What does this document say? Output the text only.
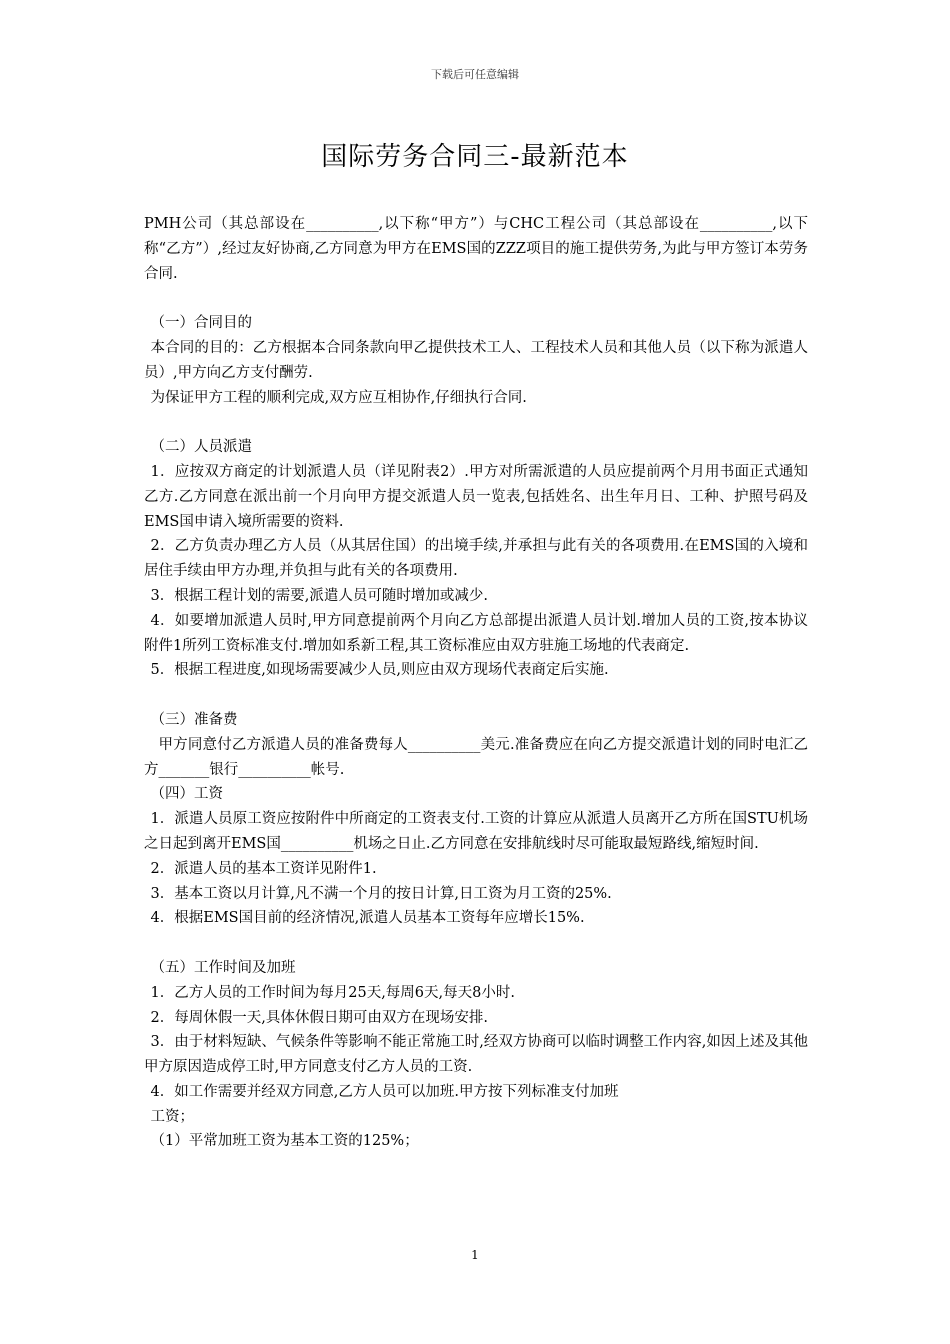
下载后可任意编辑
国际劳务合同三-最新范本

PMH公司（其总部设在__________,以下称“甲方”）与CHC工程公司（其总部设在__________,以下称“乙方”）,经过友好协商,乙方同意为甲方在EMS国的ZZZ项目的施工提供劳务,为此与甲方签订本劳务合同.

（一）合同目的

本合同的目的：乙方根据本合同条款向甲乙提供技术工人、工程技术人员和其他人员（以下称为派遣人员）,甲方向乙方支付酬劳.

为保证甲方工程的顺利完成,双方应互相协作,仔细执行合同.

（二）人员派遣

1．应按双方商定的计划派遣人员（详见附表2）.甲方对所需派遣的人员应提前两个月用书面正式通知乙方.乙方同意在派出前一个月向甲方提交派遣人员一览表,包括姓名、出生年月日、工种、护照号码及EMS国申请入境所需要的资料.

2．乙方负责办理乙方人员（从其居住国）的出境手续,并承担与此有关的各项费用.在EMS国的入境和居住手续由甲方办理,并负担与此有关的各项费用.

3．根据工程计划的需要,派遣人员可随时增加或减少.

4．如要增加派遣人员时,甲方同意提前两个月向乙方总部提出派遣人员计划.增加人员的工资,按本协议附件1所列工资标准支付.增加如系新工程,其工资标准应由双方驻施工场地的代表商定.

5．根据工程进度,如现场需要减少人员,则应由双方现场代表商定后实施.

（三）准备费

甲方同意付乙方派遣人员的准备费每人__________美元.准备费应在向乙方提交派遣计划的同时电汇乙方_______银行__________帐号.

（四）工资

1．派遣人员原工资应按附件中所商定的工资表支付.工资的计算应从派遣人员离开乙方所在国STU机场之日起到离开EMS国__________机场之日止.乙方同意在安排航线时尽可能取最短路线,缩短时间.

2．派遣人员的基本工资详见附件1.

3．基本工资以月计算,凡不满一个月的按日计算,日工资为月工资的25%.

4．根据EMS国目前的经济情况,派遣人员基本工资每年应增长15%.

（五）工作时间及加班

1．乙方人员的工作时间为每月25天,每周6天,每天8小时.

2．每周休假一天,具体休假日期可由双方在现场安排.

3．由于材料短缺、气候条件等影响不能正常施工时,经双方协商可以临时调整工作内容,如因上述及其他甲方原因造成停工时,甲方同意支付乙方人员的工资.

4．如工作需要并经双方同意,乙方人员可以加班.甲方按下列标准支付加班

工资；

（1）平常加班工资为基本工资的125%；

1
